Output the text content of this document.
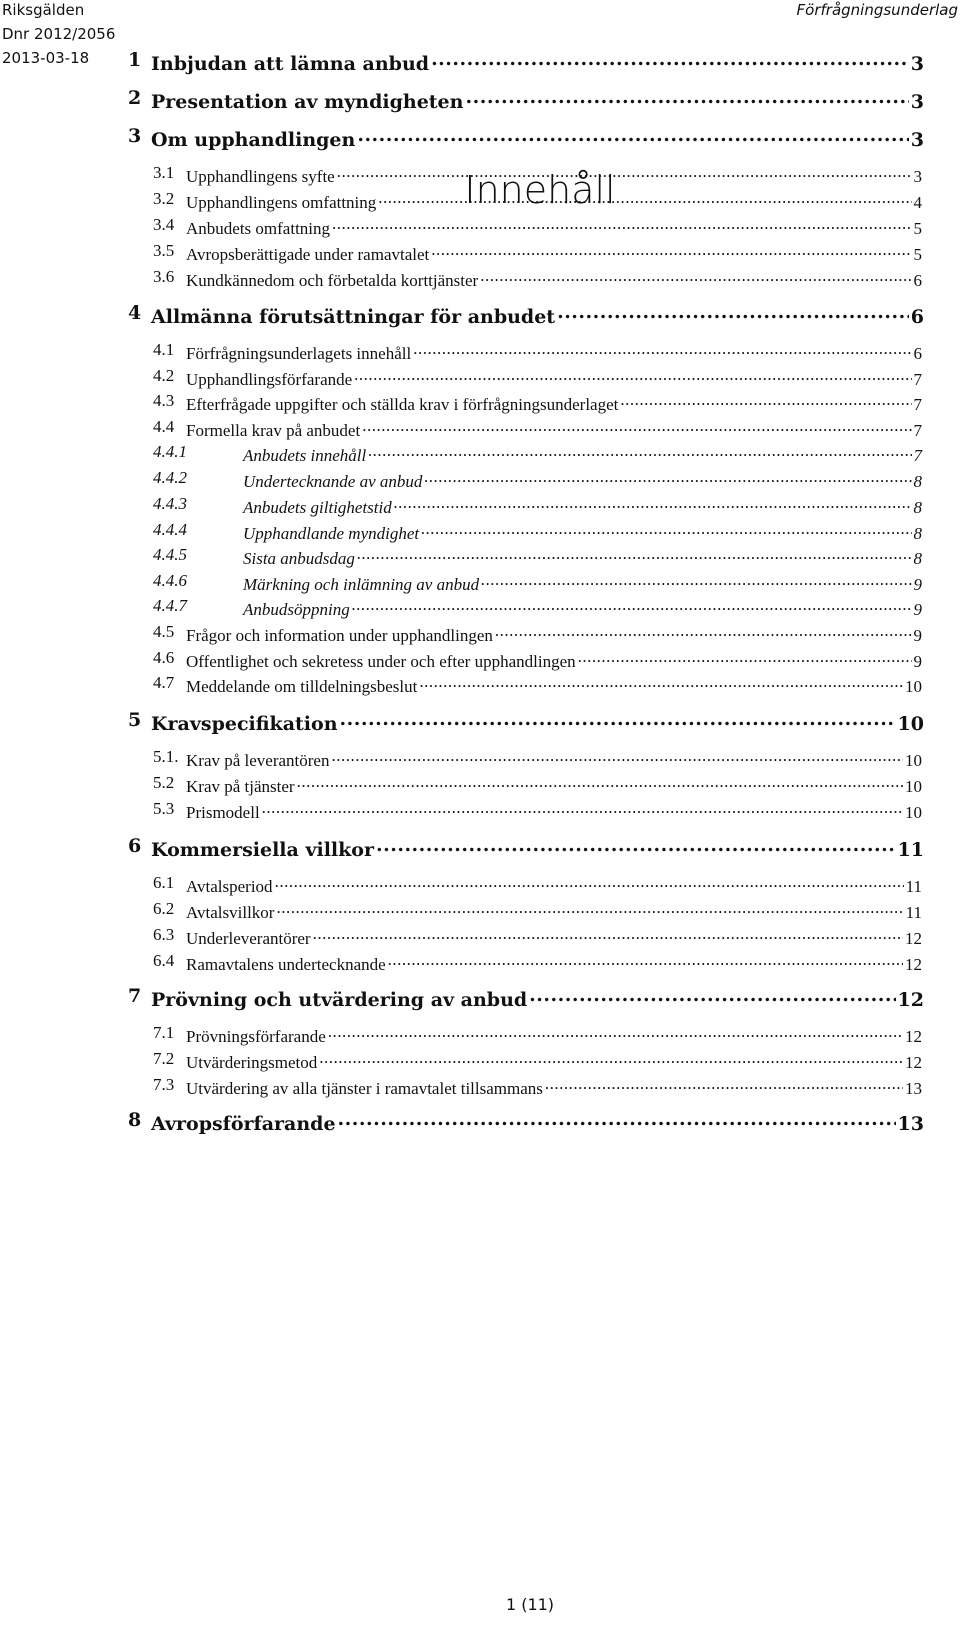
Riksgälden
Dnr 2012/2056
2013-03-18
Förfrågningsunderlag
Innehåll
1 Inbjudan att lämna anbud .....	3
2 Presentation av myndigheten .....	3
3 Om upphandlingen .....	3
3.1 Upphandlingens syfte .....	3
3.2 Upphandlingens omfattning .....	4
3.4 Anbudets omfattning .....	5
3.5 Avropsberättigade under ramavtalet .....	5
3.6 Kundkännedom och förbetalda korttjänster .....	6
4 Allmänna förutsättningar för anbudet .....	6
4.1 Förfrågningsunderlagets innehåll .....	6
4.2 Upphandlingsförfarande .....	7
4.3 Efterfrågade uppgifter och ställda krav i förfrågningsunderlaget .....	7
4.4 Formella krav på anbudet .....	7
4.4.1	Anbudets innehåll .....	7
4.4.2	Undertecknande av anbud .....	8
4.4.3	Anbudets giltighetstid .....	8
4.4.4	Upphandlande myndighet .....	8
4.4.5	Sista anbudsdag .....	8
4.4.6	Märkning och inlämning av anbud .....	9
4.4.7	Anbudsöppning .....	9
4.5 Frågor och information under upphandlingen .....	9
4.6 Offentlighet och sekretess under och efter upphandlingen .....	9
4.7 Meddelande om tilldelningsbeslut .....	10
5 Kravspecifikation .....	10
5.1. Krav på leverantören .....	10
5.2 Krav på tjänster .....	10
5.3 Prismodell .....	10
6 Kommersiella villkor .....	11
6.1 Avtalsperiod .....	11
6.2 Avtalsvillkor .....	11
6.3 Underleverantörer .....	12
6.4 Ramavtalens undertecknande .....	12
7 Prövning och utvärdering av anbud .....	12
7.1 Prövningsförfarande .....	12
7.2 Utvärderingsmetod .....	12
7.3 Utvärdering av alla tjänster i ramavtalet tillsammans .....	13
8 Avropsförfarande .....	13
1 (11)
